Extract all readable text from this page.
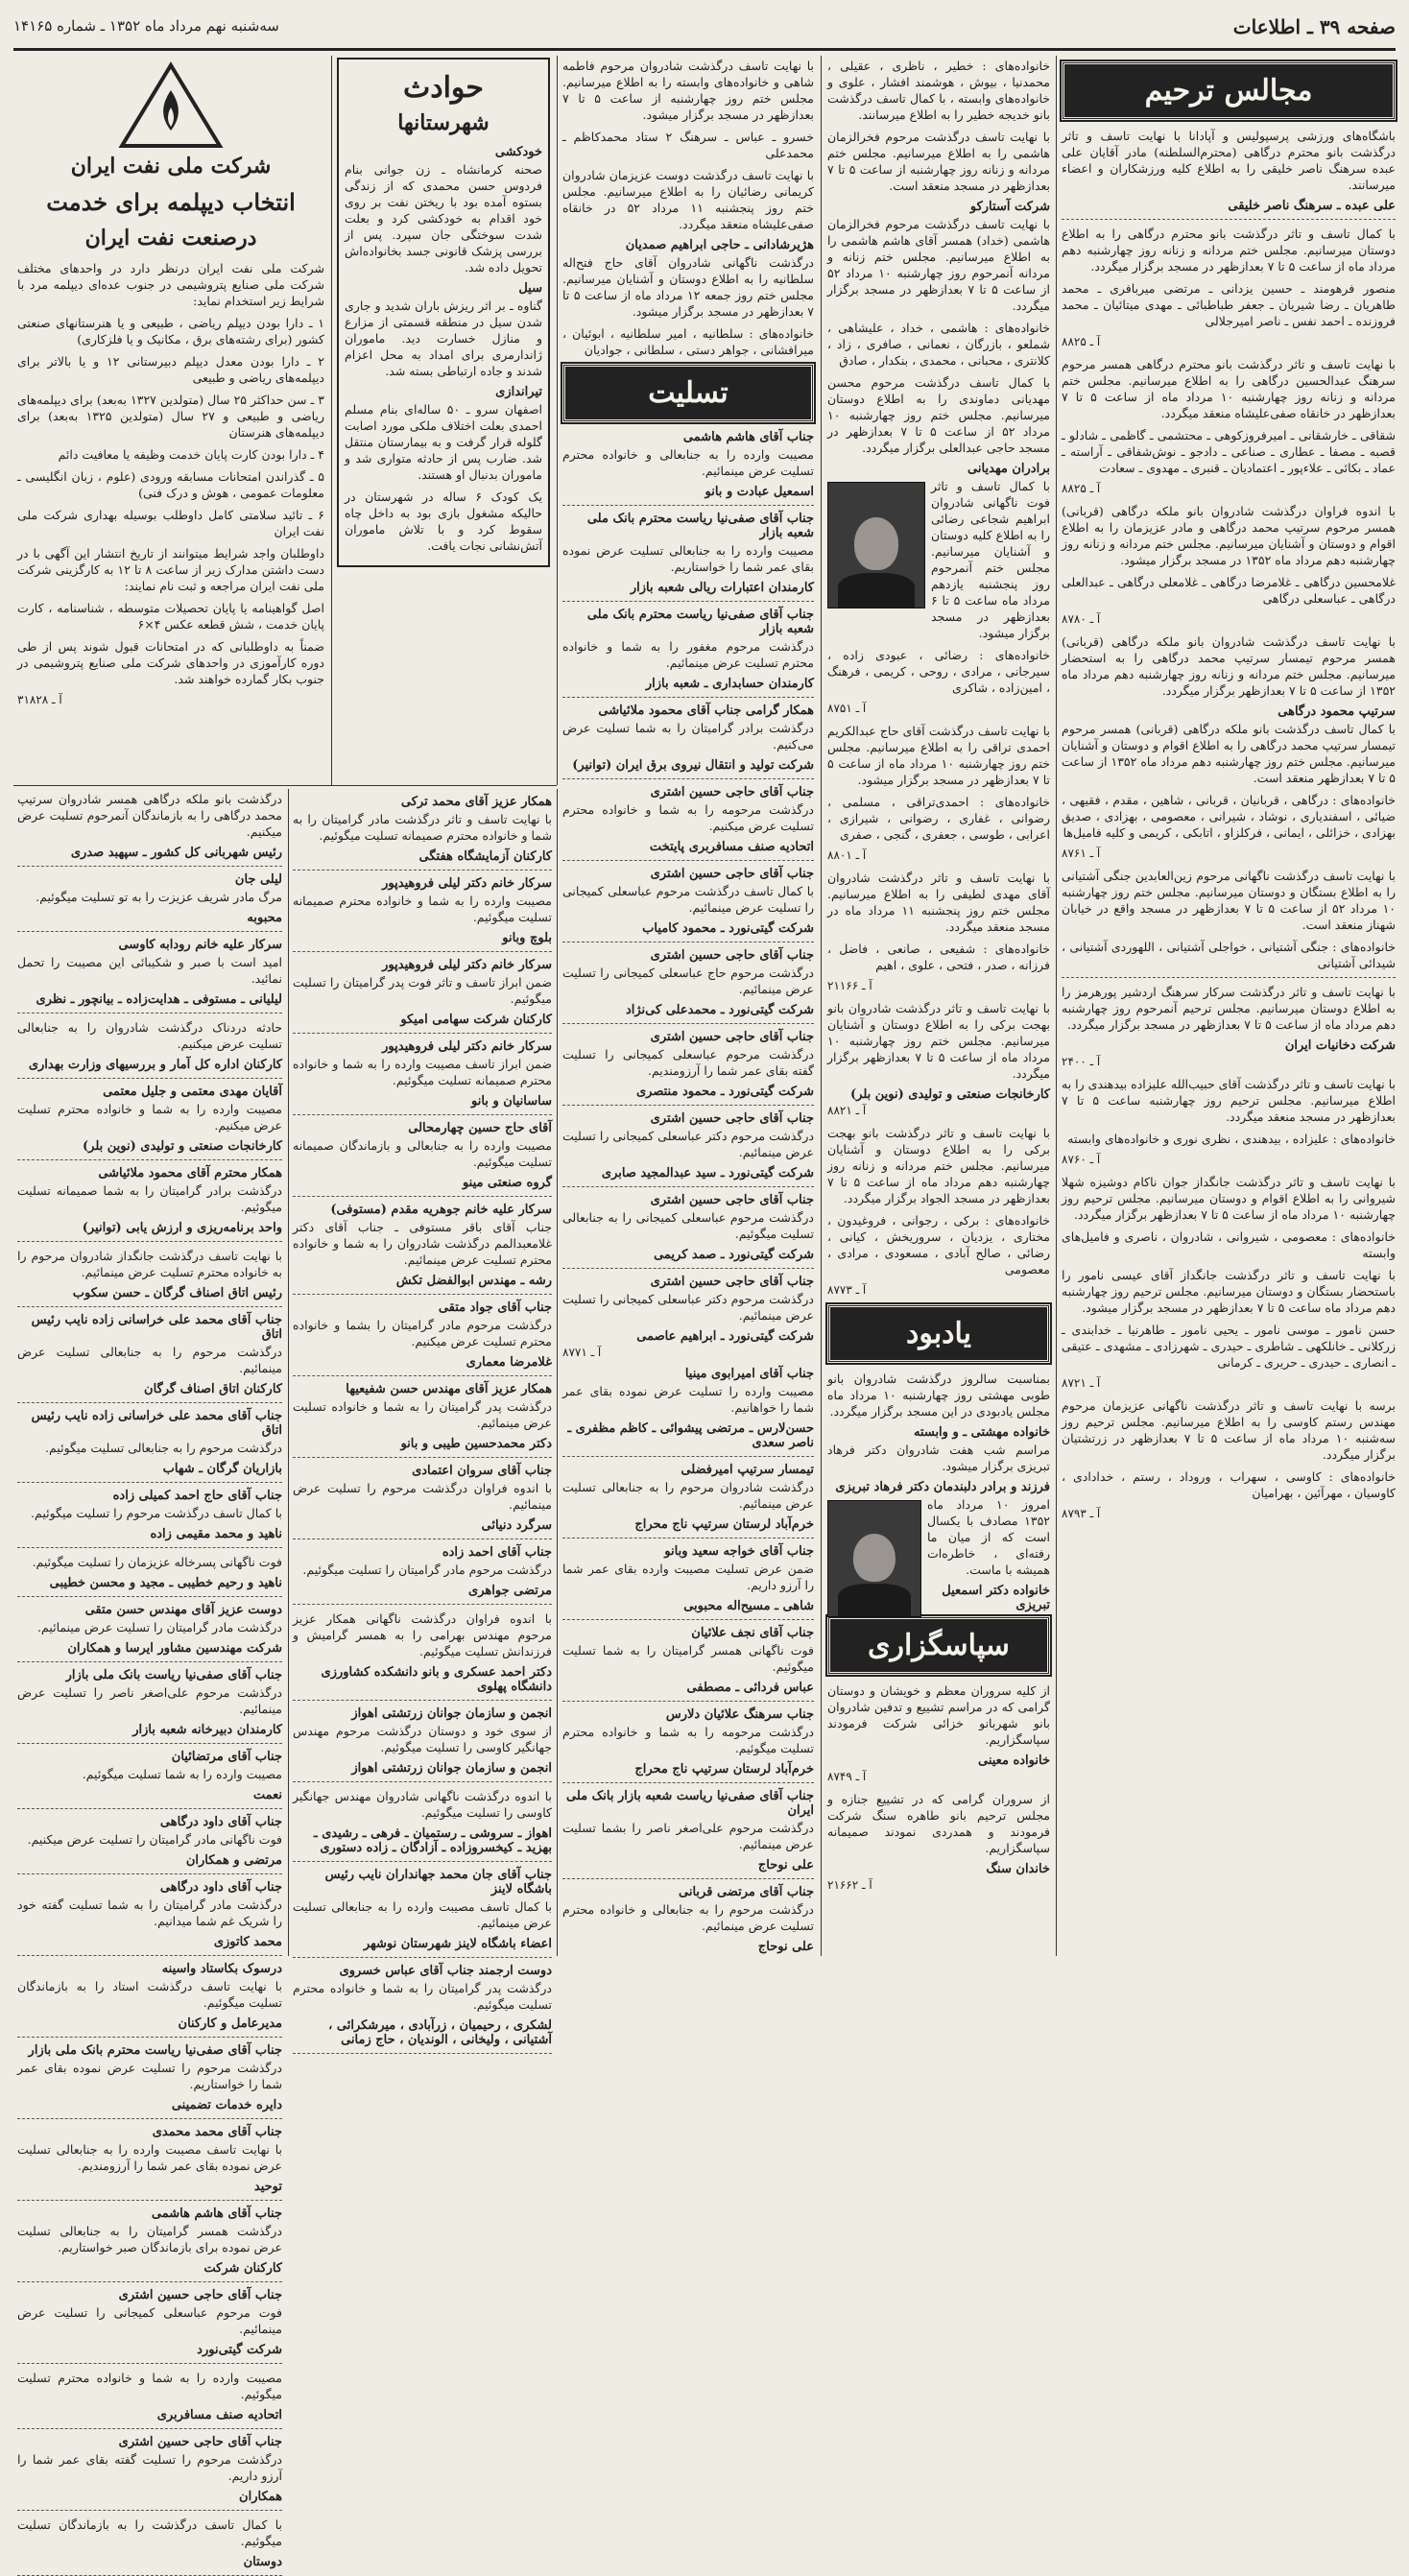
صفحه ۳۹ ـ اطلاعات
سه‌شنبه نهم مرداد ماه ۱۳۵۲ ـ شماره ۱۴۱۶۵
مجالس ترحیم

باشگاه‌های ورزشی پرسپولیس و آپادانا با نهایت تاسف و تاثر درگذشت بانو محترم درگاهی (محترم‌السلطنه) مادر آقایان علی عبده سرهنگ ناصر خلیقی را به اطلاع کلیه ورزشکاران و اعضاء میرسانند.

علی عبده ـ سرهنگ ناصر خلیقی

با کمال تاسف و تاثر درگذشت بانو محترم درگاهی را به اطلاع دوستان میرسانیم. مجلس ختم مردانه و زنانه روز چهارشنبه دهم مرداد ماه از ساعت ۵ تا ۷ بعدازظهر در مسجد برگزار میگردد.

منصور فرهومند ـ حسین یزدانی ـ مرتضی میربافری ـ محمد طاهریان ـ رضا شیریان ـ جعفر طباطبائی ـ مهدی میتائیان ـ محمد فروزنده ـ احمد نفس ـ ناصر امیرجلالی

آ ـ ۸۸۲۵

با نهایت تاسف و تاثر درگذشت بانو محترم درگاهی همسر مرحوم سرهنگ عبدالحسین درگاهی را به اطلاع میرسانیم. مجلس ختم مردانه و زنانه روز چهارشنبه ۱۰ مرداد ماه از ساعت ۵ تا ۷ بعدازظهر در خانقاه صفی‌علیشاه منعقد میگردد.

شقاقی ـ خارشقانی ـ امیرفروزکوهی ـ محتشمی ـ گاظمی ـ شادلو ـ قصبه ـ مصفا ـ عطاری ـ صناعی ـ دادجو ـ نوش‌شفاقی ـ آراسته ـ عماد ـ بکائی ـ علاءپور ـ اعتمادیان ـ قنبری ـ مهدوی ـ سعادت

آ ـ ۸۸۲۵

با اندوه فراوان درگذشت شادروان بانو ملکه درگاهی (قربانی) همسر مرحوم سرتیپ محمد درگاهی و مادر عزیزمان را به اطلاع اقوام و دوستان و آشنایان میرسانیم. مجلس ختم مردانه و زنانه روز چهارشنبه دهم مرداد ماه ۱۳۵۲ در مسجد برگزار میشود.

غلامحسین درگاهی ـ غلامرضا درگاهی ـ غلامعلی درگاهی ـ عبدالعلی درگاهی ـ عباسعلی درگاهی

آ ـ ۸۷۸۰

با نهایت تاسف درگذشت شادروان بانو ملکه درگاهی (قربانی) همسر مرحوم تیمسار سرتیپ محمد درگاهی را به استحضار میرسانیم. مجلس ختم مردانه و زنانه روز چهارشنبه دهم مرداد ماه ۱۳۵۲ از ساعت ۵ تا ۷ بعدازظهر برگزار میگردد.

سرتیپ محمود درگاهی

با کمال تاسف درگذشت بانو ملکه درگاهی (قربانی) همسر مرحوم تیمسار سرتیپ محمد درگاهی را به اطلاع اقوام و دوستان و آشنایان میرسانیم. مجلس ختم روز چهارشنبه دهم مرداد ماه ۱۳۵۲ از ساعت ۵ تا ۷ بعدازظهر منعقد است.

خانواده‌های : درگاهی ، قربانیان ، قربانی ، شاهین ، مقدم ، فقیهی ، ضیائی ، اسفندیاری ، نوشاد ، شیرانی ، معصومی ، بهزادی ، صدیق بهزادی ، خزائلی ، ایمانی ، فرکلزاو ، اتابکی ، کریمی و کلیه فامیل‌ها

آ ـ ۸۷۶۱

با نهایت تاسف درگذشت ناگهانی مرحوم زین‌العابدین جنگی آشتیانی را به اطلاع بستگان و دوستان میرسانیم. مجلس ختم روز چهارشنبه ۱۰ مرداد ۵۲ از ساعت ۵ تا ۷ بعدازظهر در مسجد واقع در خیابان شهناز منعقد است.

خانواده‌های : جنگی آشتیانی ، خواجلی آشتیانی ، اللهوردی آشتیانی ، شیدائی آشتیانی

با نهایت تاسف و تاثر درگذشت سرکار سرهنگ اردشیر پورهرمز را به اطلاع دوستان میرسانیم. مجلس ترحیم آنمرحوم روز چهارشنبه دهم مرداد ماه از ساعت ۵ تا ۷ بعدازظهر در مسجد برگزار میگردد.

شرکت دخانیات ایران
آ ـ ۲۴۰۰

با نهایت تاسف و تاثر درگذشت آقای حبیب‌الله علیزاده بیدهندی را به اطلاع میرسانیم. مجلس ترحیم روز چهارشنبه ساعت ۵ تا ۷ بعدازظهر در مسجد منعقد میگردد.

خانواده‌های : علیزاده ، بیدهندی ، نظری نوری و خانواده‌های وابسته

آ ـ ۸۷۶۰

با نهایت تاسف و تاثر درگذشت جانگداز جوان ناکام دوشیزه شهلا شیروانی را به اطلاع اقوام و دوستان میرسانیم. مجلس ترحیم روز چهارشنبه ۱۰ مرداد ماه از ساعت ۵ تا ۷ بعدازظهر برگزار میگردد.

خانواده‌های : معصومی ، شیروانی ، شادروان ، ناصری و فامیل‌های وابسته

با نهایت تاسف و تاثر درگذشت جانگداز آقای عیسی نامور را باستحضار بستگان و دوستان میرسانیم. مجلس ترحیم روز چهارشنبه دهم مرداد ماه ساعت ۵ تا ۷ بعدازظهر در مسجد برگزار میشود.

حسن نامور ـ موسی نامور ـ یحیی نامور ـ طاهرنیا ـ خدابندی ـ زرکلانی ـ خانلکهی ـ شاطری ـ حیدری ـ شهرزادی ـ مشهدی ـ عتیقی ـ انصاری ـ حیدری ـ حریری ـ کرمانی

آ ـ ۸۷۲۱

برسه با نهایت تاسف و تاثر درگذشت ناگهانی عزیزمان مرحوم مهندس رستم کاوسی را به اطلاع میرسانیم. مجلس ترحیم روز سه‌شنبه ۱۰ مرداد ماه از ساعت ۵ تا ۷ بعدازظهر در زرتشتیان برگزار میگردد.

خانواده‌های : کاوسی ، سهراب ، وروداد ، رستم ، خدادادی ، کاوسیان ، مهرآئین ، بهرامیان

آ ـ ۸۷۹۳

خانواده‌های : خطیر ، ناظری ، عقیلی ، محمدنیا ، بیوش ، هوشمند افشار ، علوی و خانواده‌های وابسته ، با کمال تاسف درگذشت بانو خدیجه خطیر را به اطلاع میرسانند.

با نهایت تاسف درگذشت مرحوم فخرالزمان هاشمی را به اطلاع میرسانیم. مجلس ختم مردانه و زنانه روز چهارشنبه از ساعت ۵ تا ۷ بعدازظهر در مسجد منعقد است.

شرکت آستارکو

با نهایت تاسف درگذشت مرحوم فخرالزمان هاشمی (خداد) همسر آقای هاشم هاشمی را به اطلاع میرسانیم. مجلس ختم زنانه و مردانه آنمرحوم روز چهارشنبه ۱۰ مرداد ۵۲ از ساعت ۵ تا ۷ بعدازظهر در مسجد برگزار میگردد.

خانواده‌های : هاشمی ، خداد ، علیشاهی ، شملعو ، بازرگان ، نعمانی ، صافری ، زاد ، کلانتری ، محبانی ، محمدی ، بنکدار ، صادق

با کمال تاسف درگذشت مرحوم محسن مهدیانی دماوندی را به اطلاع دوستان میرسانیم. مجلس ختم روز چهارشنبه ۱۰ مرداد ۵۲ از ساعت ۵ تا ۷ بعدازظهر در مسجد حاجی عبدالعلی برگزار میگردد.

برادران مهدیانی

با کمال تاسف و تاثر فوت ناگهانی شادروان ابراهیم شجاعی رضائی را به اطلاع کلیه دوستان و آشنایان میرسانیم. مجلس ختم آنمرحوم روز پنجشنبه یازدهم مرداد ماه ساعت ۵ تا ۶ بعدازظهر در مسجد برگزار میشود.

خانواده‌های : رضائی ، عبودی زاده ، سیرجانی ، مرادی ، روحی ، کریمی ، فرهنگ ، امین‌زاده ، شاکری

آ ـ ۸۷۵۱

با نهایت تاسف درگذشت آقای حاج عبدالکریم احمدی تراقی را به اطلاع میرسانیم. مجلس ختم روز چهارشنبه ۱۰ مرداد ماه از ساعت ۵ تا ۷ بعدازظهر در مسجد برگزار میشود.

خانواده‌های : احمدی‌تراقی ، مسلمی ، رضوانی ، غفاری ، رضوانی ، شیرازی ، اعرابی ، طوسی ، جعفری ، گنجی ، صفری

آ ـ ۸۸۰۱

با نهایت تاسف و تاثر درگذشت شادروان آقای مهدی لطیفی را به اطلاع میرسانیم. مجلس ختم روز پنجشنبه ۱۱ مرداد ماه در مسجد منعقد میگردد.

خانواده‌های : شفیعی ، صانعی ، فاضل ، فرزانه ، صدر ، فتحی ، علوی ، اهیم

آ ـ ۲۱۱۶۶

با نهایت تاسف و تاثر درگذشت شادروان بانو بهجت برکی را به اطلاع دوستان و آشنایان میرسانیم. مجلس ختم روز چهارشنبه ۱۰ مرداد ماه از ساعت ۵ تا ۷ بعدازظهر برگزار میگردد.

کارخانجات صنعتی و تولیدی (نوین بلر)
آ ـ ۸۸۲۱

با نهایت تاسف و تاثر درگذشت بانو بهجت برکی را به اطلاع دوستان و آشنایان میرسانیم. مجلس ختم مردانه و زنانه روز چهارشنبه دهم مرداد ماه از ساعت ۵ تا ۷ بعدازظهر در مسجد الجواد برگزار میگردد.

خانواده‌های : برکی ، رجوانی ، فروغیدون ، مختاری ، یزدیان ، سروریخش ، کیانی ، رضائی ، صالح آبادی ، مسعودی ، مرادی ، معصومی

آ ـ ۸۷۷۳
یادبود

بمناسبت سالروز درگذشت شادروان بانو طوبی مهشتی روز چهارشنبه ۱۰ مرداد ماه مجلس یادبودی در این مسجد برگزار میگردد.

خانواده مهشتی ـ و وابسته

مراسم شب هفت شادروان دکتر فرهاد تبریزی برگزار میشود.

فرزند و برادر دلبندمان دکتر فرهاد تبریزی

امروز ۱۰ مرداد ماه ۱۳۵۲ مصادف با یکسال است که از میان ما رفته‌ای ، خاطره‌ات همیشه با ماست.

خانواده دکتر اسمعیل تبریزی
سپاسگزاری

از کلیه سروران معظم و خویشان و دوستان گرامی که در مراسم تشییع و تدفین شادروان بانو شهربانو خزائی شرکت فرمودند سپاسگزاریم.

خانواده معینی
آ ـ ۸۷۴۹

از سروران گرامی که در تشییع جنازه و مجلس ترحیم بانو طاهره سنگ شرکت فرمودند و همدردی نمودند صمیمانه سپاسگزاریم.

خاندان سنگ
آ ـ ۲۱۶۶۲

با نهایت تاسف درگذشت شادروان مرحوم فاطمه شاهی و خانواده‌های وابسته را به اطلاع میرسانیم. مجلس ختم روز چهارشنبه از ساعت ۵ تا ۷ بعدازظهر در مسجد برگزار میشود.

خسرو ـ عباس ـ سرهنگ ۲ ستاد محمدکاظم ـ محمدعلی

با نهایت تاسف درگذشت دوست عزیزمان شادروان کریمانی رضائیان را به اطلاع میرسانیم. مجلس ختم روز پنجشنبه ۱۱ مرداد ۵۲ در خانقاه صفی‌علیشاه منعقد میگردد.

هژیرشادانی ـ حاجی ابراهیم صمدیان

درگذشت ناگهانی شادروان آقای حاج فتح‌اله سلطانیه را به اطلاع دوستان و آشنایان میرسانیم. مجلس ختم روز جمعه ۱۲ مرداد ماه از ساعت ۵ تا ۷ بعدازظهر در مسجد برگزار میشود.

خانواده‌های : سلطانیه ، امیر سلطانیه ، ابوئیان ، میرافشانی ، جواهر دستی ، سلطانی ، جوادیان

تسلیت
جناب آقای هاشم هاشمی

مصیبت وارده را به جنابعالی و خانواده محترم تسلیت عرض مینمائیم.

اسمعیل عبادت و بانو
جناب آقای صفی‌نیا ریاست محترم بانک ملی شعبه بازار

مصیبت وارده را به جنابعالی تسلیت عرض نموده بقای عمر شما را خواستاریم.

کارمندان اعتبارات ریالی شعبه بازار
جناب آقای صفی‌نیا ریاست محترم بانک ملی شعبه بازار

درگذشت مرحوم مغفور را به شما و خانواده محترم تسلیت عرض مینمائیم.

کارمندان حسابداری ـ شعبه بازار
همکار گرامی جناب آقای محمود ملائیاشی

درگذشت برادر گرامیتان را به شما تسلیت عرض می‌کنیم.

شرکت تولید و انتقال نیروی برق ایران (توانیر)
جناب آقای حاجی حسین اشتری

درگذشت مرحومه را به شما و خانواده محترم تسلیت عرض میکنیم.

اتحادیه صنف مسافربری پایتخت
جناب آقای حاجی حسین اشتری

با کمال تاسف درگذشت مرحوم عباسعلی کمیجانی را تسلیت عرض مینمائیم.

شرکت گیتی‌نورد ـ محمود کامیاب
جناب آقای حاجی حسین اشتری

درگذشت مرحوم حاج عباسعلی کمیجانی را تسلیت عرض مینمائیم.

شرکت گیتی‌نورد ـ محمدعلی کی‌نژاد
جناب آقای حاجی حسین اشتری

درگذشت مرحوم عباسعلی کمیجانی را تسلیت گفته بقای عمر شما را آرزومندیم.

شرکت گیتی‌نورد ـ محمود منتصری
جناب آقای حاجی حسین اشتری

درگذشت مرحوم دکتر عباسعلی کمیجانی را تسلیت عرض مینمائیم.

شرکت گیتی‌نورد ـ سید عبدالمجید صابری
جناب آقای حاجی حسین اشتری

درگذشت مرحوم عباسعلی کمیجانی را به جنابعالی تسلیت میگوئیم.

شرکت گیتی‌نورد ـ صمد کریمی
جناب آقای حاجی حسین اشتری

درگذشت مرحوم دکتر عباسعلی کمیجانی را تسلیت عرض مینمائیم.

شرکت گیتی‌نورد ـ ابراهیم عاصمی
آ ـ ۸۷۷۱
جناب آقای امیرابوی مینیا

مصیبت وارده را تسلیت عرض نموده بقای عمر شما را خواهانیم.

حسن‌لارس ـ مرتضی پیشوائی ـ کاظم مظفری ـ ناصر سعدی
تیمسار سرتیپ امیرفضلی

درگذشت شادروان مرحوم را به جنابعالی تسلیت عرض مینمائیم.

خرم‌آباد لرستان سرتیپ ناج محراج
جناب آقای خواجه سعید وبانو

ضمن عرض تسلیت مصیبت وارده بقای عمر شما را آرزو داریم.

شاهی ـ مسیح‌اله محبوبی
جناب آقای نجف علائیان

فوت ناگهانی همسر گرامیتان را به شما تسلیت میگوئیم.

عباس فردائی ـ مصطفی
جناب سرهنگ علائیان دلارس

درگذشت مرحومه را به شما و خانواده محترم تسلیت میگوئیم.

خرم‌آباد لرستان سرتیپ ناج محراج
جناب آقای صفی‌نیا ریاست شعبه بازار بانک ملی ایران

درگذشت مرحوم علی‌اصغر ناصر را بشما تسلیت عرض مینمائیم.

علی نوحاج
جناب آقای مرتضی قربانی

درگذشت مرحوم را به جنابعالی و خانواده محترم تسلیت عرض مینمائیم.

علی نوحاج
حوادث
شهرستانها
خودکشی

صحنه کرمانشاه ـ زن جوانی بنام فردوس حسن محمدی که از زندگی بستوه آمده بود با ریختن نفت بر روی خود اقدام به خودکشی کرد و بعلت شدت سوختگی جان سپرد. پس از بررسی پزشک قانونی جسد بخانواده‌اش تحویل داده شد.

سیل

گناوه ـ بر اثر ریزش باران شدید و جاری شدن سیل در منطقه قسمتی از مزارع و منازل خسارت دید. ماموران ژاندارمری برای امداد به محل اعزام شدند و جاده ارتباطی بسته شد.

تیراندازی

اصفهان سرو ـ ۵۰ ساله‌ای بنام مسلم احمدی بعلت اختلاف ملکی مورد اصابت گلوله قرار گرفت و به بیمارستان منتقل شد. ضارب پس از حادثه متواری شد و ماموران بدنبال او هستند.

یک کودک ۶ ساله در شهرستان در حالیکه مشغول بازی بود به داخل چاه سقوط کرد و با تلاش ماموران آتش‌نشانی نجات یافت.

شرکت ملی نفت ایران
انتخاب دیپلمه برای خدمت
درصنعت نفت ایران

شرکت ملی نفت ایران درنظر دارد در واحدهای مختلف شرکت ملی صنایع پتروشیمی در جنوب عده‌ای دیپلمه مرد با شرایط زیر استخدام نماید:

۱ ـ دارا بودن دیپلم ریاضی ، طبیعی و یا هنرستانهای صنعتی کشور (برای رشته‌های برق ، مکانیک و یا فلزکاری)

۲ ـ دارا بودن معدل دیپلم دبیرستانی ۱۲ و یا بالاتر برای دیپلمه‌های ریاضی و طبیعی

۳ ـ سن حداکثر ۲۵ سال (متولدین ۱۳۲۷ به‌بعد) برای دیپلمه‌های ریاضی و طبیعی و ۲۷ سال (متولدین ۱۳۲۵ به‌بعد) برای دیپلمه‌های هنرستان

۴ ـ دارا بودن کارت پایان خدمت وظیفه یا معافیت دائم

۵ ـ گذراندن امتحانات مسابقه ورودی (علوم ، زبان انگلیسی ـ معلومات عمومی ، هوش و درک فنی)

۶ ـ تائید سلامتی کامل داوطلب بوسیله بهداری شرکت ملی نفت ایران

داوطلبان واجد شرایط میتوانند از تاریخ انتشار این آگهی با در دست داشتن مدارک زیر از ساعت ۸ تا ۱۲ به کارگزینی شرکت ملی نفت ایران مراجعه و ثبت نام نمایند:

اصل گواهینامه یا پایان تحصیلات متوسطه ، شناسنامه ، کارت پایان خدمت ، شش قطعه عکس ۴×۶

ضمناً به داوطلبانی که در امتحانات قبول شوند پس از طی دوره کارآموزی در واحدهای شرکت ملی صنایع پتروشیمی در جنوب بکار گمارده خواهند شد.

آ ـ ۳۱۸۲۸
همکار عزیز آقای محمد ترکی

با نهایت تاسف و تاثر درگذشت مادر گرامیتان را به شما و خانواده محترم صمیمانه تسلیت میگوئیم.

کارکنان آزمایشگاه هفتگی
سرکار خانم دکتر لیلی فروهیدپور

مصیبت وارده را به شما و خانواده محترم صمیمانه تسلیت میگوئیم.

بلوچ وبانو
سرکار خانم دکتر لیلی فروهیدپور

ضمن ابراز تاسف و تاثر فوت پدر گرامیتان را تسلیت میگوئیم.

کارکنان شرکت سهامی امیکو
سرکار خانم دکتر لیلی فروهیدپور

ضمن ابراز تاسف مصیبت وارده را به شما و خانواده محترم صمیمانه تسلیت میگوئیم.

ساسانیان و بانو
آقای حاج حسین چهارمحالی

مصیبت وارده را به جنابعالی و بازماندگان صمیمانه تسلیت میگوئیم.

گروه صنعتی مینو
سرکار علیه خانم جوهریه مقدم (مستوفی)

جناب آقای باقر مستوفی ـ جناب آقای دکتر غلامعبدالمم درگذشت شادروان را به شما و خانواده محترم تسلیت عرض مینمائیم.

رشه ـ مهندس ابوالفضل تکش
جناب آقای جواد متقی

درگذشت مرحوم مادر گرامیتان را بشما و خانواده محترم تسلیت عرض میکنیم.

غلامرضا معماری
همکار عزیز آقای مهندس حسن شفیعیها

درگذشت پدر گرامیتان را به شما و خانواده تسلیت عرض مینمائیم.

دکتر محمدحسین طیبی و بانو
جناب آقای سروان اعتمادی

با اندوه فراوان درگذشت مرحوم را تسلیت عرض مینمائیم.

سرگرد دنیائی
جناب آقای احمد زاده

درگذشت مرحوم مادر گرامیتان را تسلیت میگوئیم.

مرتضی جواهری

با اندوه فراوان درگذشت ناگهانی همکار عزیز مرحوم مهندس بهرامی را به همسر گرامیش و فرزندانش تسلیت میگوئیم.

دکتر احمد عسکری و بانو دانشکده کشاورزی دانشگاه پهلوی
انجمن و سازمان جوانان زرتشتی اهواز

از سوی خود و دوستان درگذشت مرحوم مهندس جهانگیر کاوسی را تسلیت میگوئیم.

انجمن و سازمان جوانان زرتشتی اهواز

با اندوه درگذشت ناگهانی شادروان مهندس جهانگیر کاوسی را تسلیت میگوئیم.

اهواز ـ سروشی ـ رستمیان ـ فرهی ـ رشیدی ـ بهزید ـ کیخسروزاده ـ آزادگان ـ زاده دستوری
جناب آقای جان محمد جهانداران نایب رئیس باشگاه لاینز

با کمال تاسف مصیبت وارده را به جنابعالی تسلیت عرض مینمائیم.

اعضاء باشگاه لاینز شهرستان نوشهر
دوست ارجمند جناب آقای عباس خسروی

درگذشت پدر گرامیتان را به شما و خانواده محترم تسلیت میگوئیم.

لشکری ، رحیمیان ، زرآبادی ، میرشکرائی ، آشتیانی ، ولیخانی ، الوندیان ، حاج زمانی

درگذشت بانو ملکه درگاهی همسر شادروان سرتیپ محمد درگاهی را به بازماندگان آنمرحوم تسلیت عرض میکنیم.

رئیس شهربانی کل کشور ـ سپهبد صدری
لیلی جان

مرگ مادر شریف عزیزت را به تو تسلیت میگوئیم.

محبوبه
سرکار علیه خانم رودابه کاوسی

امید است با صبر و شکیبائی این مصیبت را تحمل نمائید.

لیلیانی ـ مستوفی ـ هدایت‌زاده ـ بیانچور ـ نظری

حادثه دردناک درگذشت شادروان را به جنابعالی تسلیت عرض میکنیم.

کارکنان اداره کل آمار و بررسیهای وزارت بهداری
آقایان مهدی معتمی و جلیل معتمی

مصیبت وارده را به شما و خانواده محترم تسلیت عرض میکنیم.

کارخانجات صنعتی و تولیدی (نوین بلر)
همکار محترم آقای محمود ملائیاشی

درگذشت برادر گرامیتان را به شما صمیمانه تسلیت میگوئیم.

واحد برنامه‌ریزی و ارزش یابی (توانیر)

با نهایت تاسف درگذشت جانگداز شادروان مرحوم را به خانواده محترم تسلیت عرض مینمائیم.

رئیس اتاق اصناف گرگان ـ حسن سکوب
جناب آقای محمد علی خراسانی زاده نایب رئیس اتاق

درگذشت مرحوم را به جنابعالی تسلیت عرض مینمائیم.

کارکنان اتاق اصناف گرگان
جناب آقای محمد علی خراسانی زاده نایب رئیس اتاق

درگذشت مرحوم را به جنابعالی تسلیت میگوئیم.

بازاریان گرگان ـ شهاب
جناب آقای حاج احمد کمیلی زاده

با کمال تاسف درگذشت مرحوم را تسلیت میگوئیم.

ناهید و محمد مقیمی زاده

فوت ناگهانی پسرخاله عزیزمان را تسلیت میگوئیم.

ناهید و رحیم خطیبی ـ مجید و محسن خطیبی
دوست عزیز آقای مهندس حسن متقی

درگذشت مادر گرامیتان را تسلیت عرض مینمائیم.

شرکت مهندسین مشاور ایرسا و همکاران
جناب آقای صفی‌نیا ریاست بانک ملی بازار

درگذشت مرحوم علی‌اصغر ناصر را تسلیت عرض مینمائیم.

کارمندان دبیرخانه شعبه بازار
جناب آقای مرتضائیان

مصیبت وارده را به شما تسلیت میگوئیم.

نعمت
جناب آقای داود درگاهی

فوت ناگهانی مادر گرامیتان را تسلیت عرض میکنیم.

مرتضی و همکاران
جناب آقای داود درگاهی

درگذشت مادر گرامیتان را به شما تسلیت گفته خود را شریک غم شما میدانیم.

محمد کاتوزی
درسوک بکاستاد واسینه

با نهایت تاسف درگذشت استاد را به بازماندگان تسلیت میگوئیم.

مدیرعامل و کارکنان
جناب آقای صفی‌نیا ریاست محترم بانک ملی بازار

درگذشت مرحوم را تسلیت عرض نموده بقای عمر شما را خواستاریم.

دایره خدمات تضمینی
جناب آقای محمد محمدی

با نهایت تاسف مصیبت وارده را به جنابعالی تسلیت عرض نموده بقای عمر شما را آرزومندیم.

توحید
جناب آقای هاشم هاشمی

درگذشت همسر گرامیتان را به جنابعالی تسلیت عرض نموده برای بازماندگان صبر خواستاریم.

کارکنان شرکت
جناب آقای حاجی حسین اشتری

فوت مرحوم عباسعلی کمیجانی را تسلیت عرض مینمائیم.

شرکت گیتی‌نورد

مصیبت وارده را به شما و خانواده محترم تسلیت میگوئیم.

اتحادیه صنف مسافربری
جناب آقای حاجی حسین اشتری

درگذشت مرحوم را تسلیت گفته بقای عمر شما را آرزو داریم.

همکاران

با کمال تاسف درگذشت را به بازماندگان تسلیت میگوئیم.

دوستان
